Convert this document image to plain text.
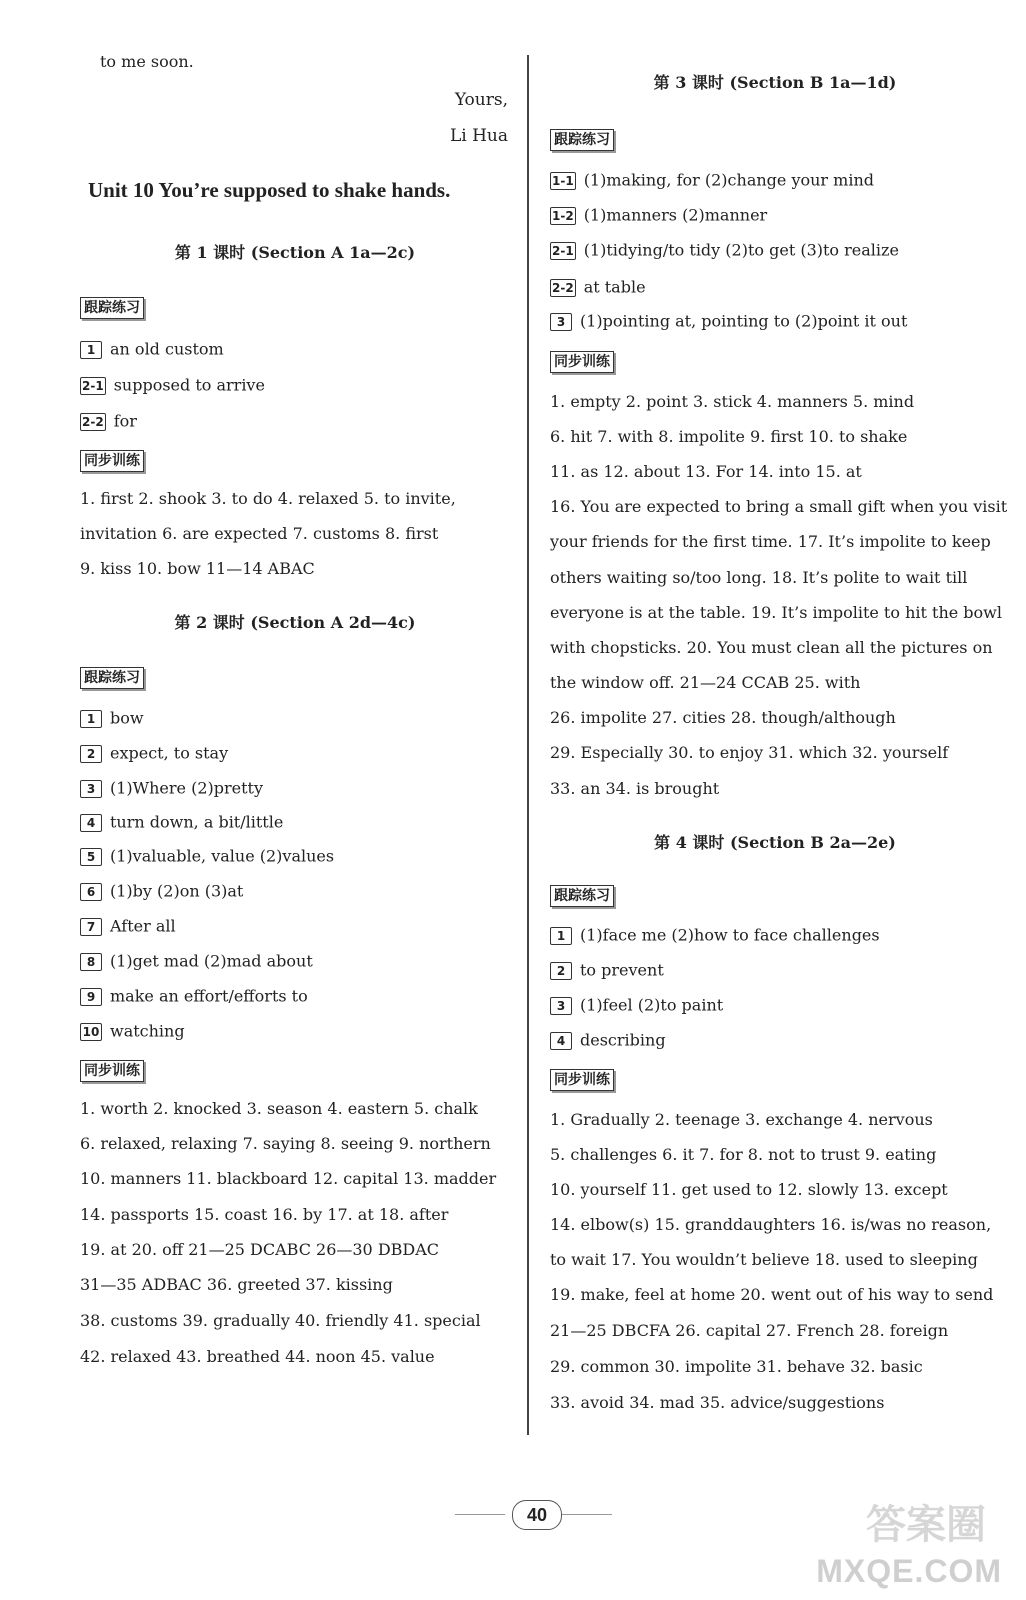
to me soon.
Yours,
Li Hua
Unit 10 You’re supposed to shake hands.
第 1 课时 (Section A 1a—2c)
跟踪练习
1 an old custom
2-1 supposed to arrive
2-2 for
同步训练
1. first 2. shook 3. to do 4. relaxed 5. to invite,
invitation 6. are expected 7. customs 8. first
9. kiss 10. bow 11—14 ABAC
第 2 课时 (Section A 2d—4c)
跟踪练习
1 bow
2 expect, to stay
3 (1)Where (2)pretty
4 turn down, a bit/little
5 (1)valuable, value (2)values
6 (1)by (2)on (3)at
7 After all
8 (1)get mad (2)mad about
9 make an effort/efforts to
10 watching
同步训练
1. worth 2. knocked 3. season 4. eastern 5. chalk
6. relaxed, relaxing 7. saying 8. seeing 9. northern
10. manners 11. blackboard 12. capital 13. madder
14. passports 15. coast 16. by 17. at 18. after
19. at 20. off 21—25 DCABC 26—30 DBDAC
31—35 ADBAC 36. greeted 37. kissing
38. customs 39. gradually 40. friendly 41. special
42. relaxed 43. breathed 44. noon 45. value
第 3 课时 (Section B 1a—1d)
跟踪练习
1-1 (1)making, for (2)change your mind
1-2 (1)manners (2)manner
2-1 (1)tidying/to tidy (2)to get (3)to realize
2-2 at table
3 (1)pointing at, pointing to (2)point it out
同步训练
1. empty 2. point 3. stick 4. manners 5. mind
6. hit 7. with 8. impolite 9. first 10. to shake
11. as 12. about 13. For 14. into 15. at
16. You are expected to bring a small gift when you visit
your friends for the first time. 17. It’s impolite to keep
others waiting so/too long. 18. It’s polite to wait till
everyone is at the table. 19. It’s impolite to hit the bowl
with chopsticks. 20. You must clean all the pictures on
the window off. 21—24 CCAB 25. with
26. impolite 27. cities 28. though/although
29. Especially 30. to enjoy 31. which 32. yourself
33. an 34. is brought
第 4 课时 (Section B 2a—2e)
跟踪练习
1 (1)face me (2)how to face challenges
2 to prevent
3 (1)feel (2)to paint
4 describing
同步训练
1. Gradually 2. teenage 3. exchange 4. nervous
5. challenges 6. it 7. for 8. not to trust 9. eating
10. yourself 11. get used to 12. slowly 13. except
14. elbow(s) 15. granddaughters 16. is/was no reason,
to wait 17. You wouldn’t believe 18. used to sleeping
19. make, feel at home 20. went out of his way to send
21—25 DBCFA 26. capital 27. French 28. foreign
29. common 30. impolite 31. behave 32. basic
33. avoid 34. mad 35. advice/suggestions
40	答案圈
MXQE.COM
